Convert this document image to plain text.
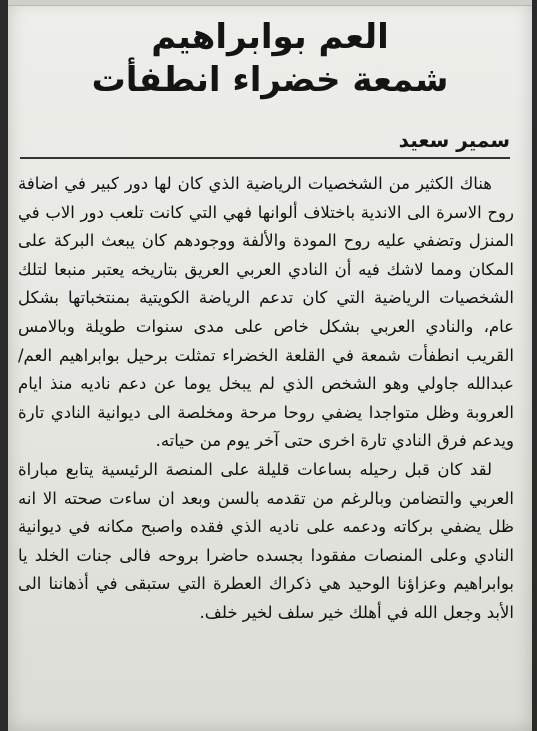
العم بوابراهيم
شمعة خضراء انطفأت
سمير سعيد

هناك الكثير من الشخصيات الرياضية الذي كان لها دور كبير في اضافة روح الاسرة الى الاندية باختلاف ألوانها فهي التي كانت تلعب دور الاب في المنزل وتضفي عليه روح المودة والألفة ووجودهم كان يبعث البركة على المكان ومما لاشك فيه أن النادي العربي العريق بتاريخه يعتبر منبعا لتلك الشخصيات الرياضية التي كان تدعم الرياضة الكويتية بمنتخباتها بشكل عام، والنادي العربي بشكل خاص على مدى سنوات طويلة وبالامس القريب انطفأت شمعة في القلعة الخضراء تمثلت برحيل بوابراهيم العم/ عبدالله جاولي وهو الشخص الذي لم يبخل يوما عن دعم ناديه منذ ايام العروبة وظل متواجدا يضفي روحا مرحة ومخلصة الى ديوانية النادي تارة ويدعم فرق النادي تارة اخرى حتى آخر يوم من حياته.

لقد كان قبل رحيله بساعات قليلة على المنصة الرئيسية يتابع مباراة العربي والتضامن وبالرغم من تقدمه بالسن وبعد ان ساءت صحته الا انه ظل يضفي بركاته ودعمه على ناديه الذي فقده واصبح مكانه في ديوانية النادي وعلى المنصات مفقودا بجسده حاضرا بروحه فالى جنات الخلد يا بوابراهيم وعزاؤنا الوحيد هي ذكراك العطرة التي ستبقى في أذهاننا الى الأبد وجعل الله في أهلك خير سلف لخير خلف.
